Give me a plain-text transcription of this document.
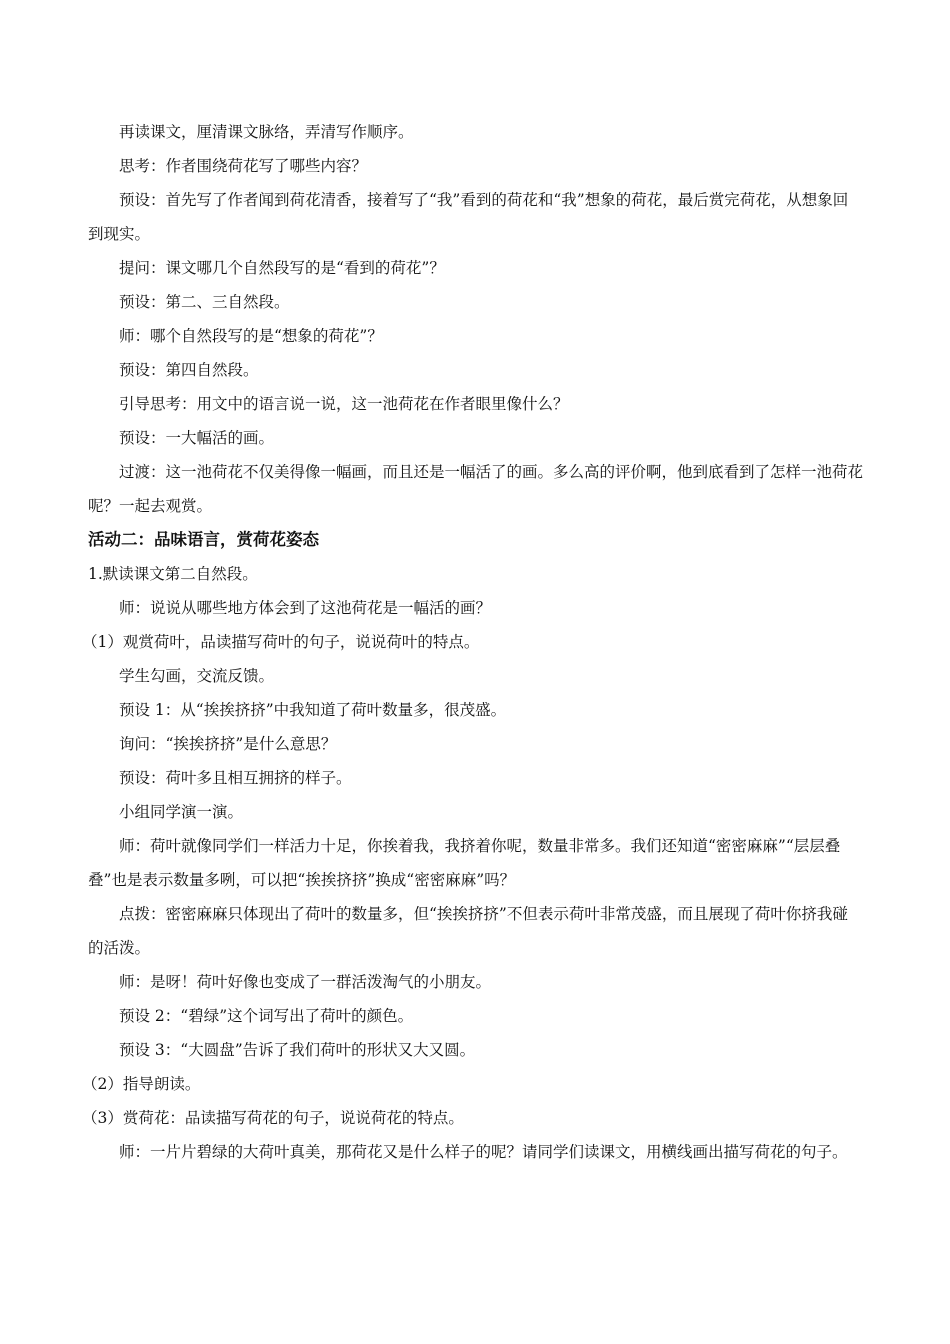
再读课文，厘清课文脉络，弄清写作顺序。

思考：作者围绕荷花写了哪些内容？

预设：首先写了作者闻到荷花清香，接着写了“我”看到的荷花和“我”想象的荷花，最后赏完荷花，从想象回到现实。

提问：课文哪几个自然段写的是“看到的荷花”？

预设：第二、三自然段。

师：哪个自然段写的是“想象的荷花”？

预设：第四自然段。

引导思考：用文中的语言说一说，这一池荷花在作者眼里像什么？

预设：一大幅活的画。

过渡：这一池荷花不仅美得像一幅画，而且还是一幅活了的画。多么高的评价啊，他到底看到了怎样一池荷花呢？一起去观赏。

活动二：品味语言，赏荷花姿态

1.默读课文第二自然段。

师：说说从哪些地方体会到了这池荷花是一幅活的画？

（1）观赏荷叶，品读描写荷叶的句子，说说荷叶的特点。

学生勾画，交流反馈。

预设 1：从“挨挨挤挤”中我知道了荷叶数量多，很茂盛。

询问：“挨挨挤挤”是什么意思？

预设：荷叶多且相互拥挤的样子。

小组同学演一演。

师：荷叶就像同学们一样活力十足，你挨着我，我挤着你呢，数量非常多。我们还知道“密密麻麻”“层层叠叠”也是表示数量多咧，可以把“挨挨挤挤”换成“密密麻麻”吗？

点拨：密密麻麻只体现出了荷叶的数量多，但“挨挨挤挤”不但表示荷叶非常茂盛，而且展现了荷叶你挤我碰的活泼。

师：是呀！荷叶好像也变成了一群活泼淘气的小朋友。

预设 2：“碧绿”这个词写出了荷叶的颜色。

预设 3：“大圆盘”告诉了我们荷叶的形状又大又圆。

（2）指导朗读。

（3）赏荷花：品读描写荷花的句子，说说荷花的特点。

师：一片片碧绿的大荷叶真美，那荷花又是什么样子的呢？请同学们读课文，用横线画出描写荷花的句子。
